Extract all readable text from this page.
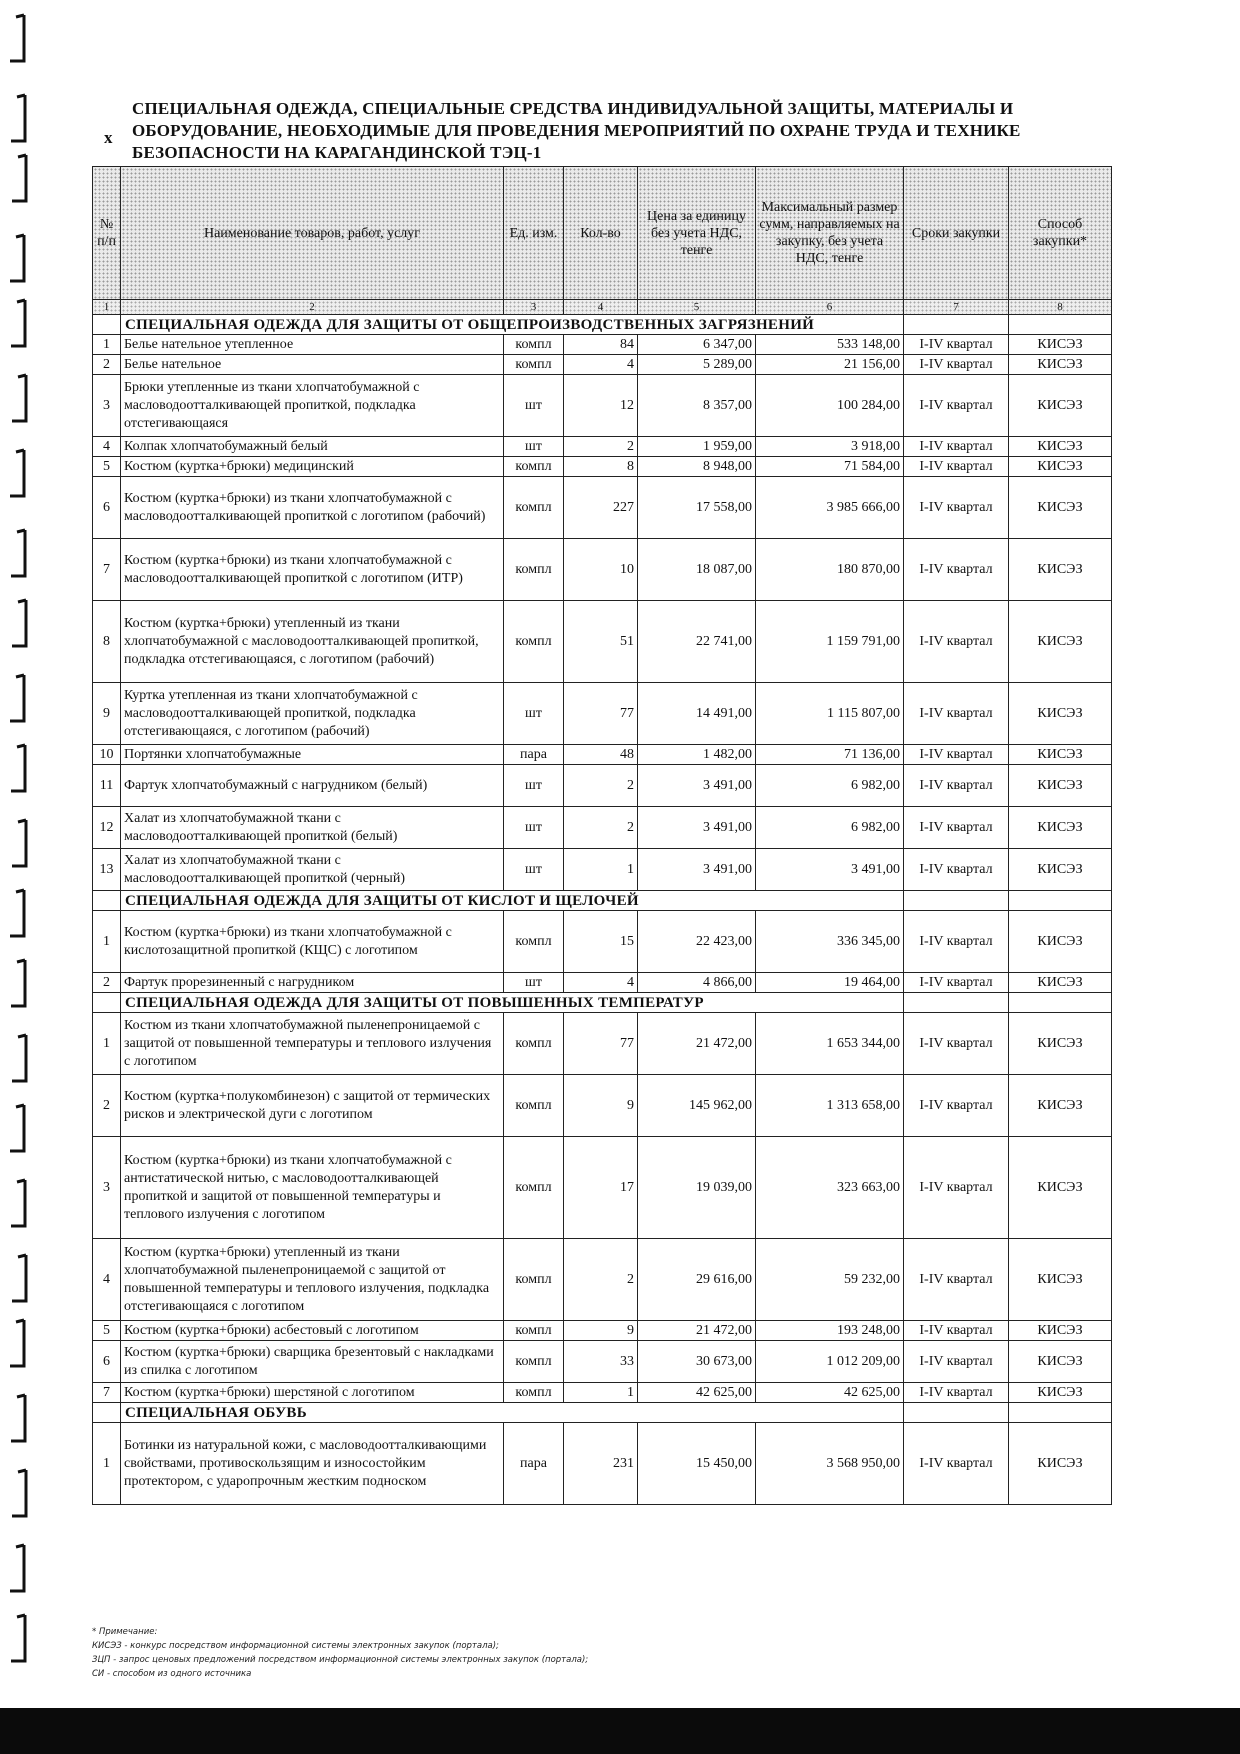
х
СПЕЦИАЛЬНАЯ ОДЕЖДА, СПЕЦИАЛЬНЫЕ СРЕДСТВА ИНДИВИДУАЛЬНОЙ ЗАЩИТЫ, МАТЕРИАЛЫ И ОБОРУДОВАНИЕ, НЕОБХОДИМЫЕ ДЛЯ ПРОВЕДЕНИЯ МЕРОПРИЯТИЙ ПО ОХРАНЕ ТРУДА И ТЕХНИКЕ БЕЗОПАСНОСТИ НА КАРАГАНДИНСКОЙ ТЭЦ-1
№ п/п	Наименование товаров, работ, услуг	Ед. изм.	Кол-во	Цена за единицу без учета НДС, тенге	Максимальный размер сумм, направляемых на закупку, без учета НДС, тенге	Сроки закупки	Способ закупки*
1	2	3	4	5	6	7	8
	СПЕЦИАЛЬНАЯ ОДЕЖДА ДЛЯ ЗАЩИТЫ ОТ ОБЩЕПРОИЗВОДСТВЕННЫХ ЗАГРЯЗНЕНИЙ						
1	Белье нательное утепленное	компл	84	6 347,00	533 148,00	I-IV квартал	КИСЭЗ
2	Белье нательное	компл	4	5 289,00	21 156,00	I-IV квартал	КИСЭЗ
3	Брюки утепленные из ткани хлопчатобумажной с масловодоотталкивающей пропиткой, подкладка отстегивающаяся	шт	12	8 357,00	100 284,00	I-IV квартал	КИСЭЗ
4	Колпак хлопчатобумажный белый	шт	2	1 959,00	3 918,00	I-IV квартал	КИСЭЗ
5	Костюм (куртка+брюки) медицинский	компл	8	8 948,00	71 584,00	I-IV квартал	КИСЭЗ
6	Костюм (куртка+брюки) из ткани хлопчатобумажной с масловодоотталкивающей пропиткой с логотипом (рабочий)	компл	227	17 558,00	3 985 666,00	I-IV квартал	КИСЭЗ
7	Костюм (куртка+брюки) из ткани хлопчатобумажной с масловодоотталкивающей пропиткой с логотипом (ИТР)	компл	10	18 087,00	180 870,00	I-IV квартал	КИСЭЗ
8	Костюм (куртка+брюки) утепленный из ткани хлопчатобумажной с масловодоотталкивающей пропиткой, подкладка отстегивающаяся, с логотипом (рабочий)	компл	51	22 741,00	1 159 791,00	I-IV квартал	КИСЭЗ
9	Куртка утепленная из ткани хлопчатобумажной с масловодоотталкивающей пропиткой, подкладка отстегивающаяся, с логотипом (рабочий)	шт	77	14 491,00	1 115 807,00	I-IV квартал	КИСЭЗ
10	Портянки хлопчатобумажные	пара	48	1 482,00	71 136,00	I-IV квартал	КИСЭЗ
11	Фартук хлопчатобумажный с нагрудником (белый)	шт	2	3 491,00	6 982,00	I-IV квартал	КИСЭЗ
12	Халат из хлопчатобумажной ткани с масловодоотталкивающей пропиткой (белый)	шт	2	3 491,00	6 982,00	I-IV квартал	КИСЭЗ
13	Халат из хлопчатобумажной ткани с масловодоотталкивающей пропиткой (черный)	шт	1	3 491,00	3 491,00	I-IV квартал	КИСЭЗ
	СПЕЦИАЛЬНАЯ ОДЕЖДА ДЛЯ ЗАЩИТЫ ОТ КИСЛОТ И ЩЕЛОЧЕЙ						
1	Костюм (куртка+брюки) из ткани хлопчатобумажной с кислотозащитной пропиткой (КЩС) с логотипом	компл	15	22 423,00	336 345,00	I-IV квартал	КИСЭЗ
2	Фартук прорезиненный с нагрудником	шт	4	4 866,00	19 464,00	I-IV квартал	КИСЭЗ
	СПЕЦИАЛЬНАЯ ОДЕЖДА ДЛЯ ЗАЩИТЫ ОТ ПОВЫШЕННЫХ ТЕМПЕРАТУР						
1	Костюм из ткани хлопчатобумажной пыленепроницаемой с защитой от повышенной температуры и теплового излучения с логотипом	компл	77	21 472,00	1 653 344,00	I-IV квартал	КИСЭЗ
2	Костюм (куртка+полукомбинезон) с защитой от термических рисков и электрической дуги с логотипом	компл	9	145 962,00	1 313 658,00	I-IV квартал	КИСЭЗ
3	Костюм (куртка+брюки) из ткани хлопчатобумажной с антистатической нитью, с масловодоотталкивающей пропиткой и защитой от повышенной температуры и теплового излучения с логотипом	компл	17	19 039,00	323 663,00	I-IV квартал	КИСЭЗ
4	Костюм (куртка+брюки) утепленный из ткани хлопчатобумажной пыленепроницаемой с защитой от повышенной температуры и теплового излучения, подкладка отстегивающаяся с логотипом	компл	2	29 616,00	59 232,00	I-IV квартал	КИСЭЗ
5	Костюм (куртка+брюки) асбестовый с логотипом	компл	9	21 472,00	193 248,00	I-IV квартал	КИСЭЗ
6	Костюм (куртка+брюки) сварщика брезентовый с накладками из спилка с логотипом	компл	33	30 673,00	1 012 209,00	I-IV квартал	КИСЭЗ
7	Костюм (куртка+брюки) шерстяной с логотипом	компл	1	42 625,00	42 625,00	I-IV квартал	КИСЭЗ
	СПЕЦИАЛЬНАЯ ОБУВЬ						
1	Ботинки из натуральной кожи, с масловодоотталкивающими свойствами, противоскользящим и износостойким протектором, с ударопрочным жестким подноском	пара	231	15 450,00	3 568 950,00	I-IV квартал	КИСЭЗ
* Примечание:
КИСЭЗ - конкурс посредством информационной системы электронных закупок (портала);
ЗЦП - запрос ценовых предложений посредством информационной системы электронных закупок (портала);
СИ - способом из одного источника
